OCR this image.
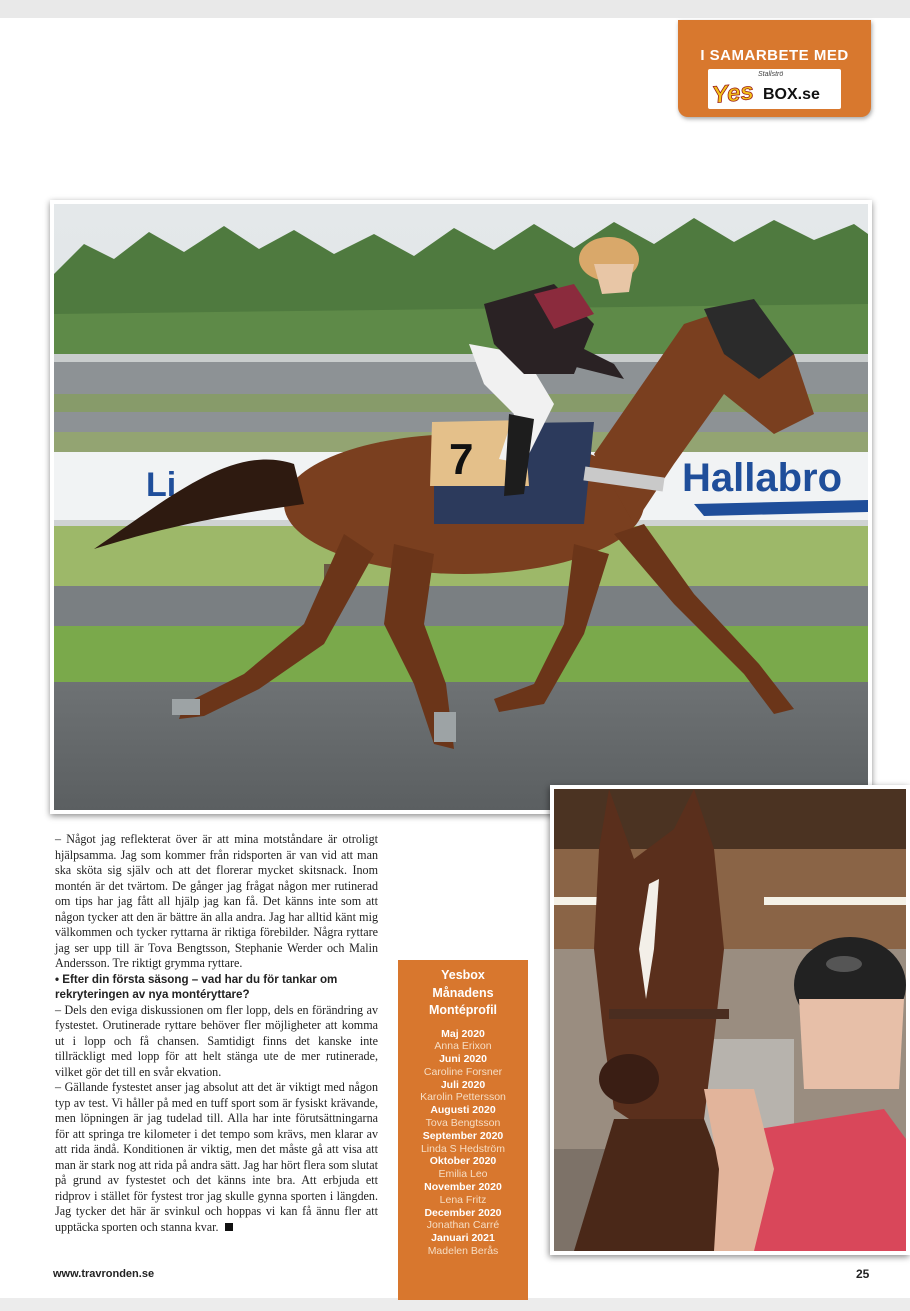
I SAMARBETE MED
Stallströ
Yes BOX.se
Hallabro
Li
7

– Något jag reflekterat över är att mina motståndare är otroligt hjälpsamma. Jag som kommer från ridsporten är van vid att man ska sköta sig själv och att det florerar mycket skitsnack. Inom montén är det tvärtom. De gånger jag frågat någon mer rutinerad om tips har jag fått all hjälp jag kan få. Det känns inte som att någon tycker att den är bättre än alla andra. Jag har alltid känt mig välkommen och tycker ryttarna är riktiga förebilder. Några ryttare jag ser upp till är Tova Bengtsson, Stephanie Werder och Malin Andersson. Tre riktigt grymma ryttare.

• Efter din första säsong – vad har du för tankar om rekryteringen av nya montéryttare?

– Dels den eviga diskussionen om fler lopp, dels en förändring av fystestet. Orutinerade ryttare behöver fler möjligheter att komma ut i lopp och få chansen. Samtidigt finns det kanske inte tillräckligt med lopp för att helt stänga ute de mer rutinerade, vilket gör det till en svår ekvation.

– Gällande fystestet anser jag absolut att det är viktigt med någon typ av test. Vi håller på med en tuff sport som är fysiskt krävande, men löpningen är jag tudelad till. Alla har inte förutsättningarna för att springa tre kilometer i det tempo som krävs, men klarar av att rida ändå. Konditionen är viktig, men det måste gå att visa att man är stark nog att rida på andra sätt. Jag har hört flera som slutat på grund av fystestet och det känns inte bra. Att erbjuda ett ridprov i stället för fystest tror jag skulle gynna sporten i längden. Jag tycker det här är svinkul och hoppas vi kan få ännu fler att upptäcka sporten och stanna kvar.

Yesbox
Månadens
Montéprofil
Maj 2020
Anna Erixon
Juni 2020
Caroline Forsner
Juli 2020
Karolin Pettersson
Augusti 2020
Tova Bengtsson
September 2020
Linda S Hedström
Oktober 2020
Emilia Leo
November 2020
Lena Fritz
December 2020
Jonathan Carré
Januari 2021
Madelen Berås
www.travronden.se	25
